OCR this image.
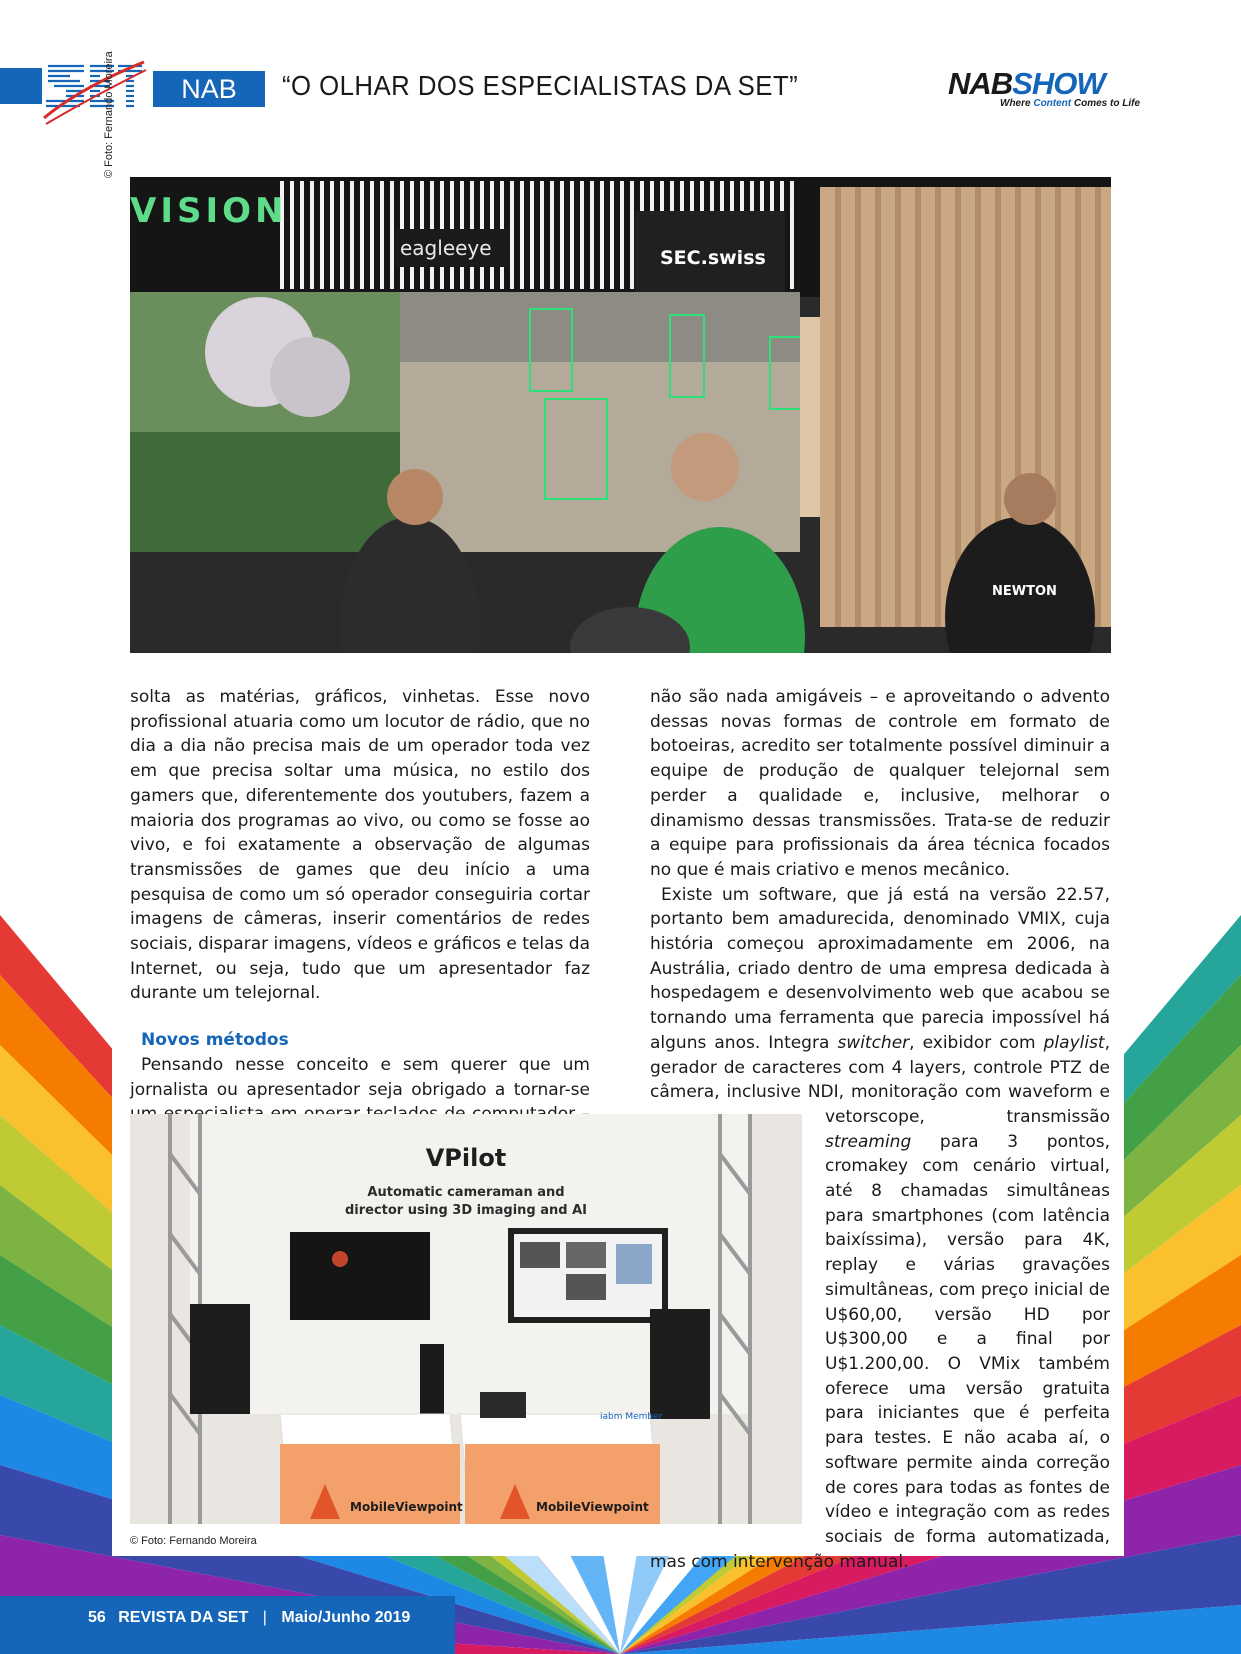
NAB 2019
“O OLHAR DOS ESPECIALISTAS DA SET”	NABSHOW
Where Content Comes to Life
© Foto: Fernando Moreira
VISION
eagleeye	SEC.swiss
NEWTON

solta as matérias, gráficos, vinhetas. Esse novo profissional atuaria como um locutor de rádio, que no dia a dia não precisa mais de um operador toda vez em que precisa soltar uma música, no estilo dos gamers que, diferentemente dos youtubers, fazem a maioria dos programas ao vivo, ou como se fosse ao vivo, e foi exatamente a observação de algumas transmissões de games que deu início a uma pesquisa de como um só operador conseguiria cortar imagens de câmeras, inserir comentários de redes sociais, disparar imagens, vídeos e gráficos e telas da Internet, ou seja, tudo que um apresentador faz durante um telejornal.

Novos métodos

Pensando nesse conceito e sem querer que um jornalista ou apresentador seja obrigado a tornar-se

não são nada amigáveis – e aproveitando o advento dessas novas formas de controle em formato de botoeiras, acredito ser totalmente possível diminuir a equipe de produção de qualquer telejornal sem perder a qualidade e, inclusive, melhorar o dinamismo dessas transmissões. Trata-se de reduzir a equipe para profissionais da área técnica focados no que é mais criativo e menos mecânico.

Existe um software, que já está na versão 22.57, portanto bem amadurecida, denominado VMIX, cuja história começou aproximadamente em 2006, na Austrália, criado dentro de uma empresa dedicada à hospedagem e desenvolvimento web que acabou se tornando uma ferramenta que parecia impossível há alguns anos. Integra switcher, exibidor com playlist, gerador de caracteres com 4 layers, controle PTZ de câmera, inclusive NDI, monitoração com waveform e vetorscope, transmissão streaming para 3 pontos, cromakey com cenário virtual, até 8 chamadas simultâneas para smartphones (com latência baixíssima), versão para 4K, replay e várias gravações simultâneas, com preço inicial de U$60,00, versão HD por U$300,00 e a final por U$1.200,00. O VMix também oferece uma versão gratuita para iniciantes que é perfeita para testes. E não acaba aí, o software permite ainda correção de cores para todas as fontes de vídeo e integração com as redes sociais de forma automatizada, mas com intervenção manual.

VPilot
Automatic cameraman and
director using 3D imaging and AI
MobileViewpoint	MobileViewpoint
iabm Member
© Foto: Fernando Moreira
56 REVISTA DA SET | Maio/Junho 2019
